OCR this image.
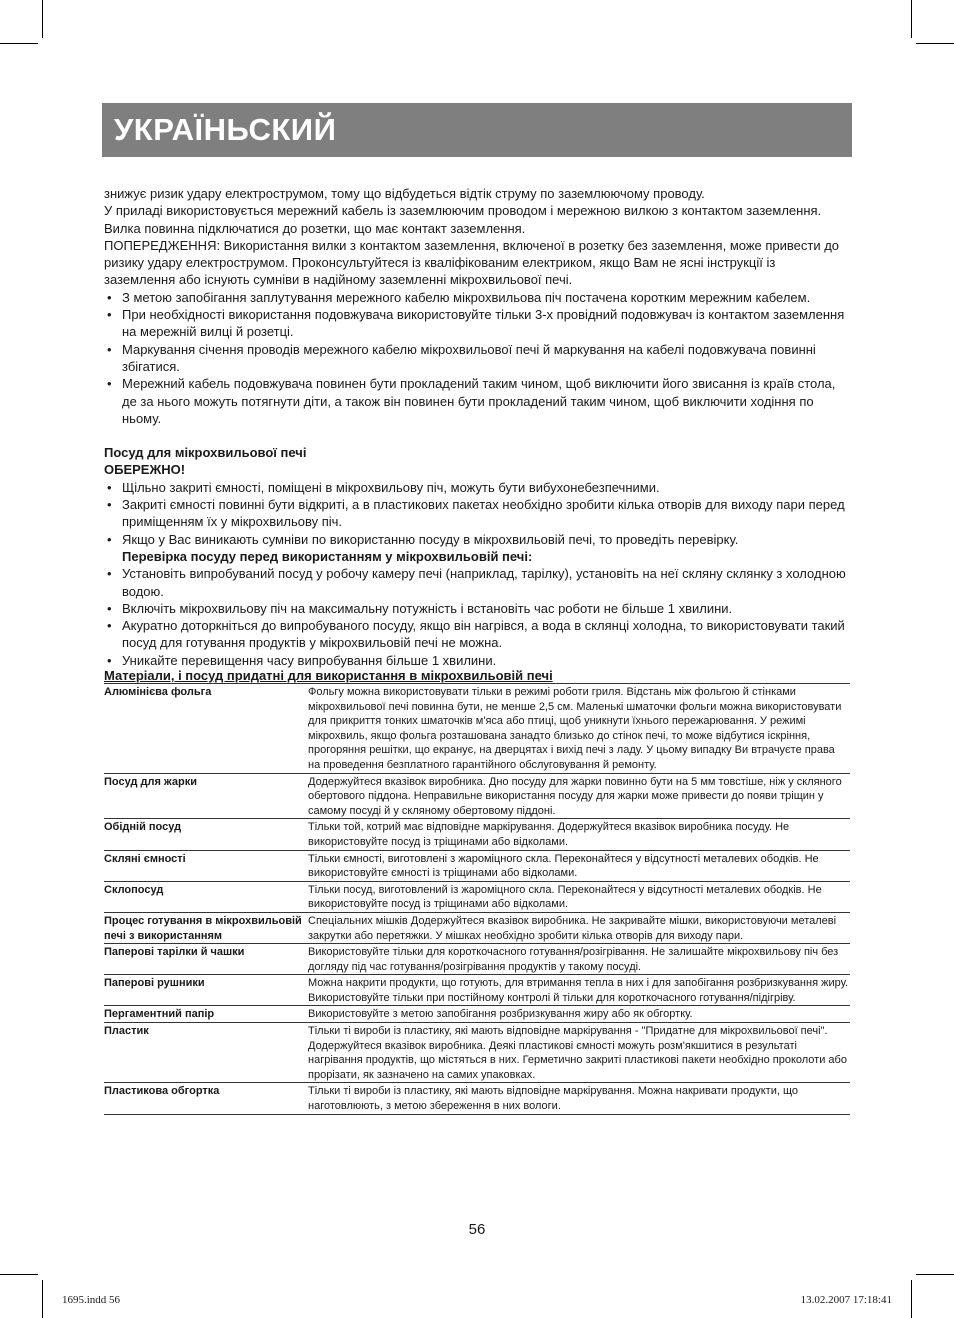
УКРАЇНЬСКИЙ

знижує ризик удару електрострумом, тому що відбудеться відтік струму по заземлюючому проводу.

У приладі використовується мережний кабель із заземлюючим проводом і мережною вилкою з контактом заземлення. Вилка повинна підключатися до розетки, що має контакт заземлення.

ПОПЕРЕДЖЕННЯ: Використання вилки з контактом заземлення, включеної в розетку без заземлення, може привести до ризику удару електрострумом. Проконсультуйтеся із кваліфікованим електриком, якщо Вам не ясні інструкції із заземлення або існують сумніви в надійному заземленні мікрохвильової печі.

• З метою запобігання заплутування мережного кабелю мікрохвильова піч постачена коротким мережним кабелем.
• При необхідності використання подовжувача використовуйте тільки 3-х провідний подовжувач із контактом заземлення на мережній вилці й розетці.
• Маркування січення проводів мережного кабелю мікрохвильової печі й маркування на кабелі подовжувача повинні збігатися.
• Мережний кабель подовжувача повинен бути прокладений таким чином, щоб виключити його звисання із країв стола, де за нього можуть потягнути діти, а також він повинен бути прокладений таким чином, щоб виключити ходіння по ньому.

Посуд для мікрохвильової печі

ОБЕРЕЖНО!

• Щільно закриті ємності, поміщені в мікрохвильову піч, можуть бути вибухонебезпечними.
• Закриті ємності повинні бути відкриті, а в пластикових пакетах необхідно зробити кілька отворів для виходу пари перед приміщенням їх у мікрохвильову піч.
• Якщо у Вас виникають сумніви по використанню посуду в мікрохвильовій печі, то проведіть перевірку.
Перевірка посуду перед використанням у мікрохвильовій печі:
• Установіть випробуваний посуд у робочу камеру печі (наприклад, тарілку), установіть на неї скляну склянку з холодною водою.
• Включіть мікрохвильову піч на максимальну потужність і встановіть час роботи не більше 1 хвилини.
• Акуратно доторкніться до випробуваного посуду, якщо він нагрівся, а вода в склянці холодна, то використовувати такий посуд для готування продуктів у мікрохвильовій печі не можна.
• Уникайте перевищення часу випробування більше 1 хвилини.

Матеріали, і посуд придатні для використання в мікрохвильовій печі

Алюмінієва фольга	Фольгу можна використовувати тільки в режимі роботи гриля. Відстань між фольгою й стінками мікрохвильової печі повинна бути, не менше 2,5 см. Маленькі шматочки фольги можна використовувати для прикриття тонких шматочків м'яса або птиці, щоб уникнути їхнього пережарювання. У режимі мікрохвиль, якщо фольга розташована занадто близько до стінок печі, то може відбутися іскріння, прогоряння решітки, що екранує, на дверцятах і вихід печі з ладу. У цьому випадку Ви втрачуєте права на проведення безплатного гарантійного обслуговування й ремонту.
Посуд для жарки	Додержуйтеся вказівок виробника. Дно посуду для жарки повинно бути на 5 мм товстіше, ніж у скляного обертового піддона. Неправильне використання посуду для жарки може привести до появи тріщин у самому посуді й у скляному обертовому піддоні.
Обідній посуд	Тільки той, котрий має відповідне маркірування. Додержуйтеся вказівок виробника посуду. Не використовуйте посуд із тріщинами або відколами.
Скляні ємності	Тільки ємності, виготовлені з жароміцного скла. Переконайтеся у відсутності металевих ободків. Не використовуйте ємності із тріщинами або відколами.
Склопосуд	Тільки посуд, виготовлений із жароміцного скла. Переконайтеся у відсутності металевих ободків. Не використовуйте посуд із тріщинами або відколами.
Процес готування в мікрохвильовій печі з використанням	Спеціальних мішків Додержуйтеся вказівок виробника. Не закривайте мішки, використовуючи металеві закрутки або перетяжки. У мішках необхідно зробити кілька отворів для виходу пари.
Паперові тарілки й чашки	Використовуйте тільки для короткочасного готування/розігрівання. Не залишайте мікрохвильову піч без догляду під час готування/розігрівання продуктів у такому посуді.
Паперові рушники	Можна накрити продукти, що готують, для втримання тепла в них і для запобігання розбризкування жиру. Використовуйте тільки при постійному контролі й тільки для короткочасного готування/підігріву.
Пергаментний папір	Використовуйте з метою запобігання розбризкування жиру або як обгортку.
Пластик	Тільки ті вироби із пластику, які мають відповідне маркірування - "Придатне для мікрохвильової печі". Додержуйтеся вказівок виробника. Деякі пластикові ємності можуть розм'якшитися в результаті нагрівання продуктів, що містяться в них. Герметично закриті пластикові пакети необхідно проколоти або прорізати, як зазначено на самих упаковках.
Пластикова обгортка	Тільки ті вироби із пластику, які мають відповідне маркірування. Можна накривати продукти, що наготовлюють, з метою збереження в них вологи.
56
1695.indd 56	13.02.2007 17:18:41
